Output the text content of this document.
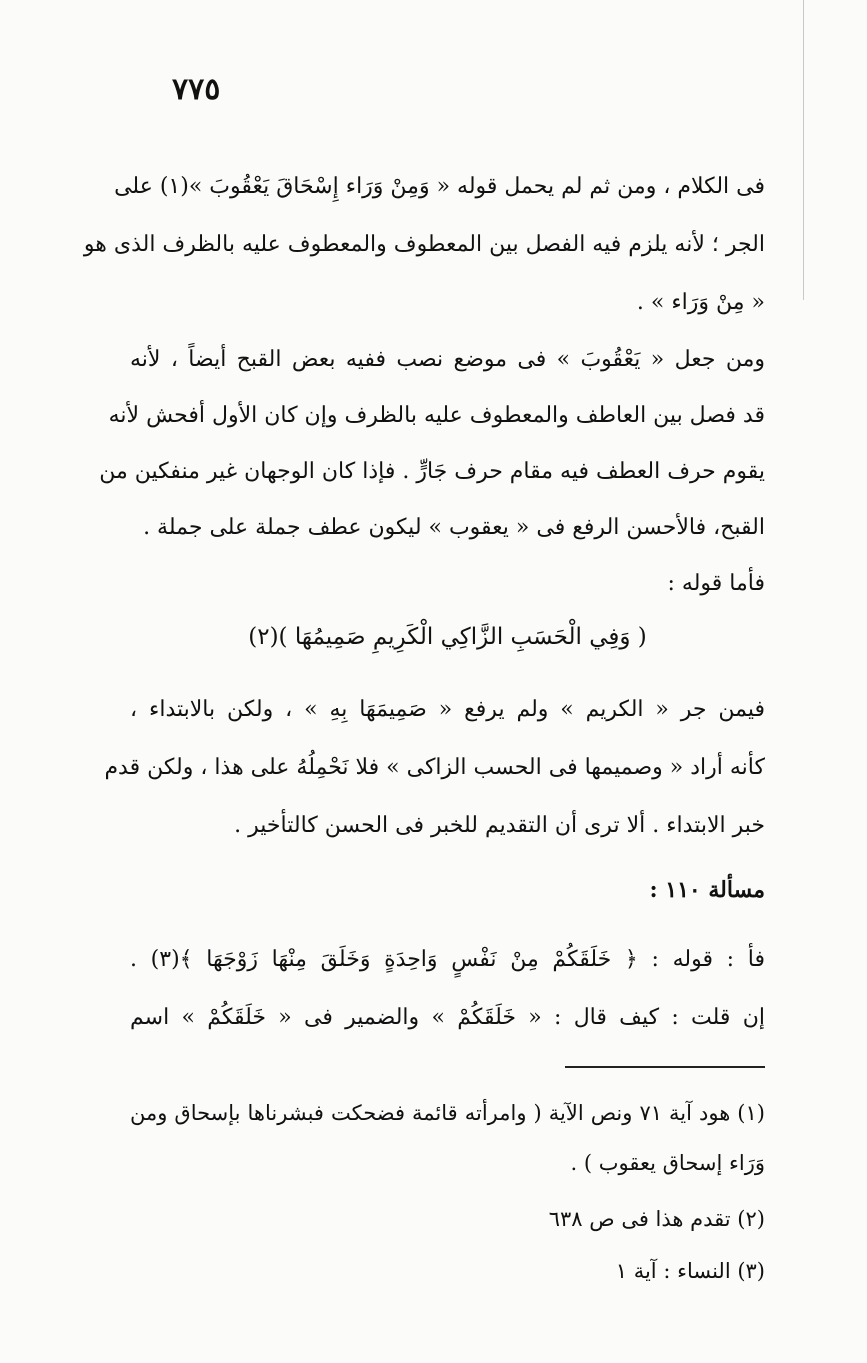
٧٧٥
فى الكلام ، ومن ثم لم يحمل قوله « وَمِنْ وَرَاء إِسْحَاقَ يَعْقُوبَ »(١) على
الجر ؛ لأنه يلزم فيه الفصل بين المعطوف والمعطوف عليه بالظرف الذى هو
« مِنْ وَرَاء » .
ومن جعل « يَعْقُوبَ » فى موضع نصب ففيه بعض القبح أيضاً ، لأنه
قد فصل بين العاطف والمعطوف عليه بالظرف وإن كان الأول أفحش لأنه
يقوم حرف العطف فيه مقام حرف جَارٍّ . فإذا كان الوجهان غير منفكين من
القبح، فالأحسن الرفع فى « يعقوب » ليكون عطف جملة على جملة .
فأما قوله :
( وَفِي الْحَسَبِ الزَّاكِي الْكَرِيمِ صَمِيمُهَا )(٢)
فيمن جر « الكريم » ولم يرفع « صَمِيمَهَا بِهِ » ، ولكن بالابتداء ،
كأنه أراد « وصميمها فى الحسب الزاكى » فلا نَحْمِلُهُ على هذا ، ولكن قدم
خبر الابتداء . ألا ترى أن التقديم للخبر فى الحسن كالتأخير .
مسألة ١١٠ :
فأ : قوله : ﴿ خَلَقَكُمْ مِنْ نَفْسٍ وَاحِدَةٍ وَخَلَقَ مِنْهَا زَوْجَهَا ﴾(٣) .
إن قلت : كيف قال : « خَلَقَكُمْ » والضمير فى « خَلَقَكُمْ » اسم
(١) هود آية ٧١ ونص الآية ( وامرأته قائمة فضحكت فبشرناها بإسحاق ومن
وَرَاء إسحاق يعقوب ) .
(٢) تقدم هذا فى ص ٦٣٨
(٣) النساء : آية ١
